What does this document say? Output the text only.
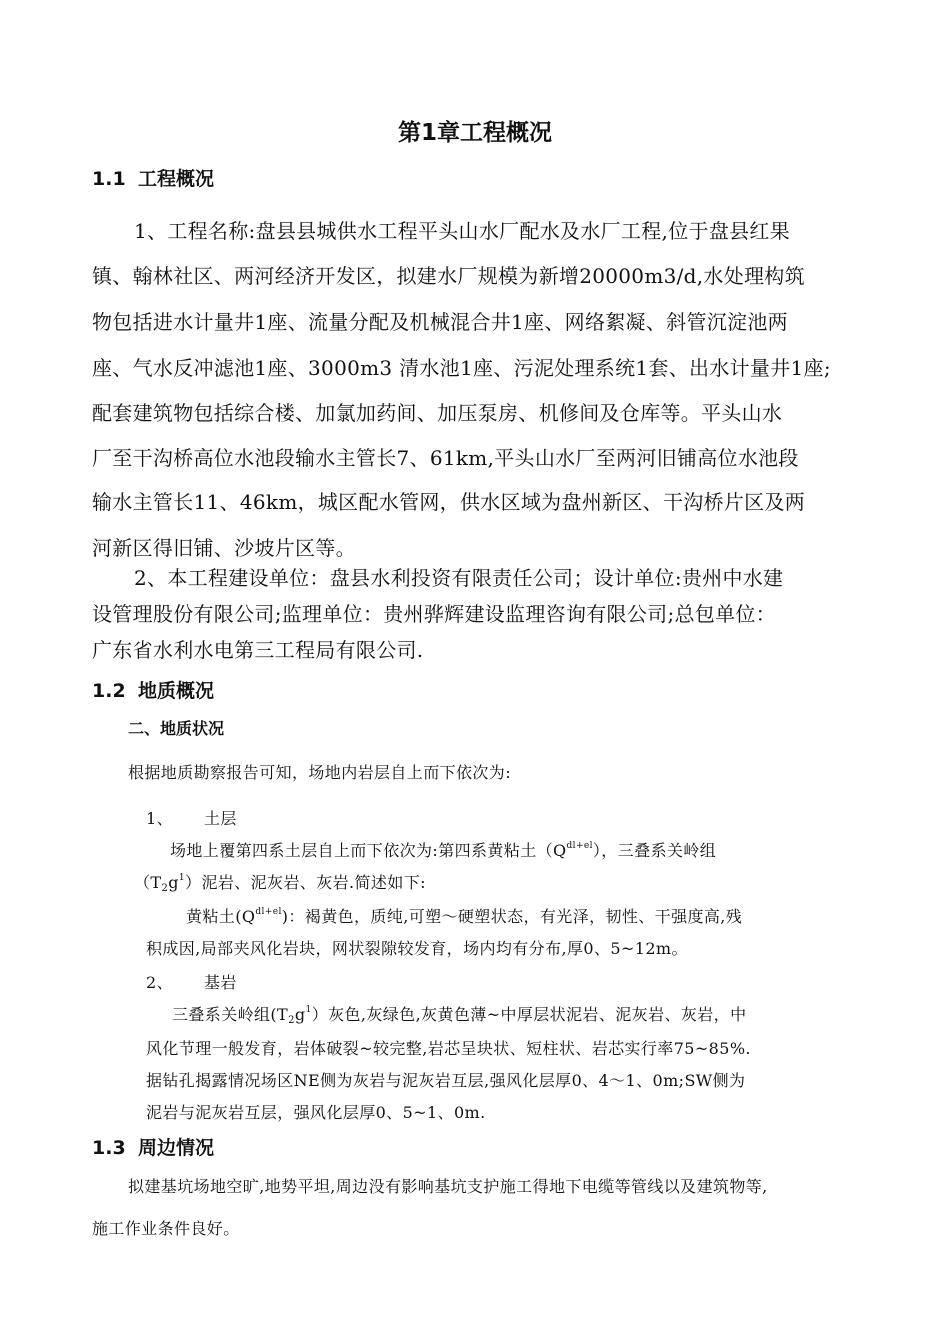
第1章工程概况
1.1 工程概况
1、工程名称:盘县县城供水工程平头山水厂配水及水厂工程,位于盘县红果
镇、翰林社区、两河经济开发区，拟建水厂规模为新增20000m3/d,水处理构筑
物包括进水计量井1座、流量分配及机械混合井1座、网络絮凝、斜管沉淀池两
座、气水反冲滤池1座、3000m3 清水池1座、污泥处理系统1套、出水计量井1座;
配套建筑物包括综合楼、加氯加药间、加压泵房、机修间及仓库等。平头山水
厂至干沟桥高位水池段输水主管长7、61km,平头山水厂至两河旧铺高位水池段
输水主管长11、46km，城区配水管网，供水区域为盘州新区、干沟桥片区及两
河新区得旧铺、沙坡片区等。
2、本工程建设单位：盘县水利投资有限责任公司；设计单位:贵州中水建
设管理股份有限公司;监理单位：贵州骅辉建设监理咨询有限公司;总包单位：
广东省水利水电第三工程局有限公司.
1.2 地质概况
二、地质状况
根据地质勘察报告可知，场地内岩层自上而下依次为:
1、 土层
场地上覆第四系土层自上而下依次为:第四系黄粘土$(Q^{dl+el})$，三叠系关岭组
$(T_2g^1)$泥岩、泥灰岩、灰岩.简述如下:
黄粘土$(Q^{dl+el})$：褐黄色，质纯,可塑～硬塑状态，有光泽，韧性、干强度高,残
积成因,局部夹风化岩块，网状裂隙较发育，场内均有分布,厚0、5~12m。
2、 基岩
三叠系关岭组$(T_2g^1)$灰色,灰绿色,灰黄色薄~中厚层状泥岩、泥灰岩、灰岩，中
风化节理一般发育，岩体破裂~较完整,岩芯呈块状、短柱状、岩芯实行率75~85%.
据钻孔揭露情况场区NE侧为灰岩与泥灰岩互层,强风化层厚0、4～1、0m;SW侧为
泥岩与泥灰岩互层，强风化层厚0、5~1、0m.
1.3 周边情况
拟建基坑场地空旷,地势平坦,周边没有影响基坑支护施工得地下电缆等管线以及建筑物等,
施工作业条件良好。
